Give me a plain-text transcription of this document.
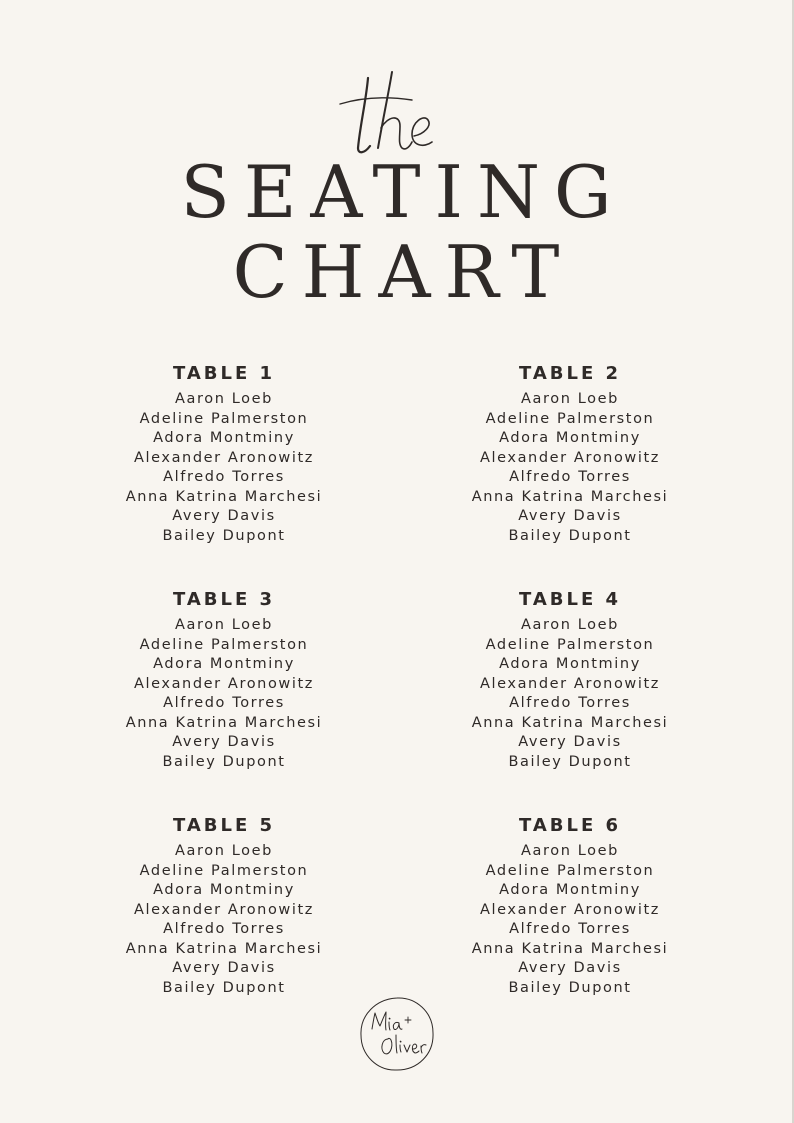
SEATING
CHART
TABLE 1
Aaron Loeb
Adeline Palmerston
Adora Montminy
Alexander Aronowitz
Alfredo Torres
Anna Katrina Marchesi
Avery Davis
Bailey Dupont
TABLE 2
Aaron Loeb
Adeline Palmerston
Adora Montminy
Alexander Aronowitz
Alfredo Torres
Anna Katrina Marchesi
Avery Davis
Bailey Dupont
TABLE 3
Aaron Loeb
Adeline Palmerston
Adora Montminy
Alexander Aronowitz
Alfredo Torres
Anna Katrina Marchesi
Avery Davis
Bailey Dupont
TABLE 4
Aaron Loeb
Adeline Palmerston
Adora Montminy
Alexander Aronowitz
Alfredo Torres
Anna Katrina Marchesi
Avery Davis
Bailey Dupont
TABLE 5
Aaron Loeb
Adeline Palmerston
Adora Montminy
Alexander Aronowitz
Alfredo Torres
Anna Katrina Marchesi
Avery Davis
Bailey Dupont
TABLE 6
Aaron Loeb
Adeline Palmerston
Adora Montminy
Alexander Aronowitz
Alfredo Torres
Anna Katrina Marchesi
Avery Davis
Bailey Dupont
